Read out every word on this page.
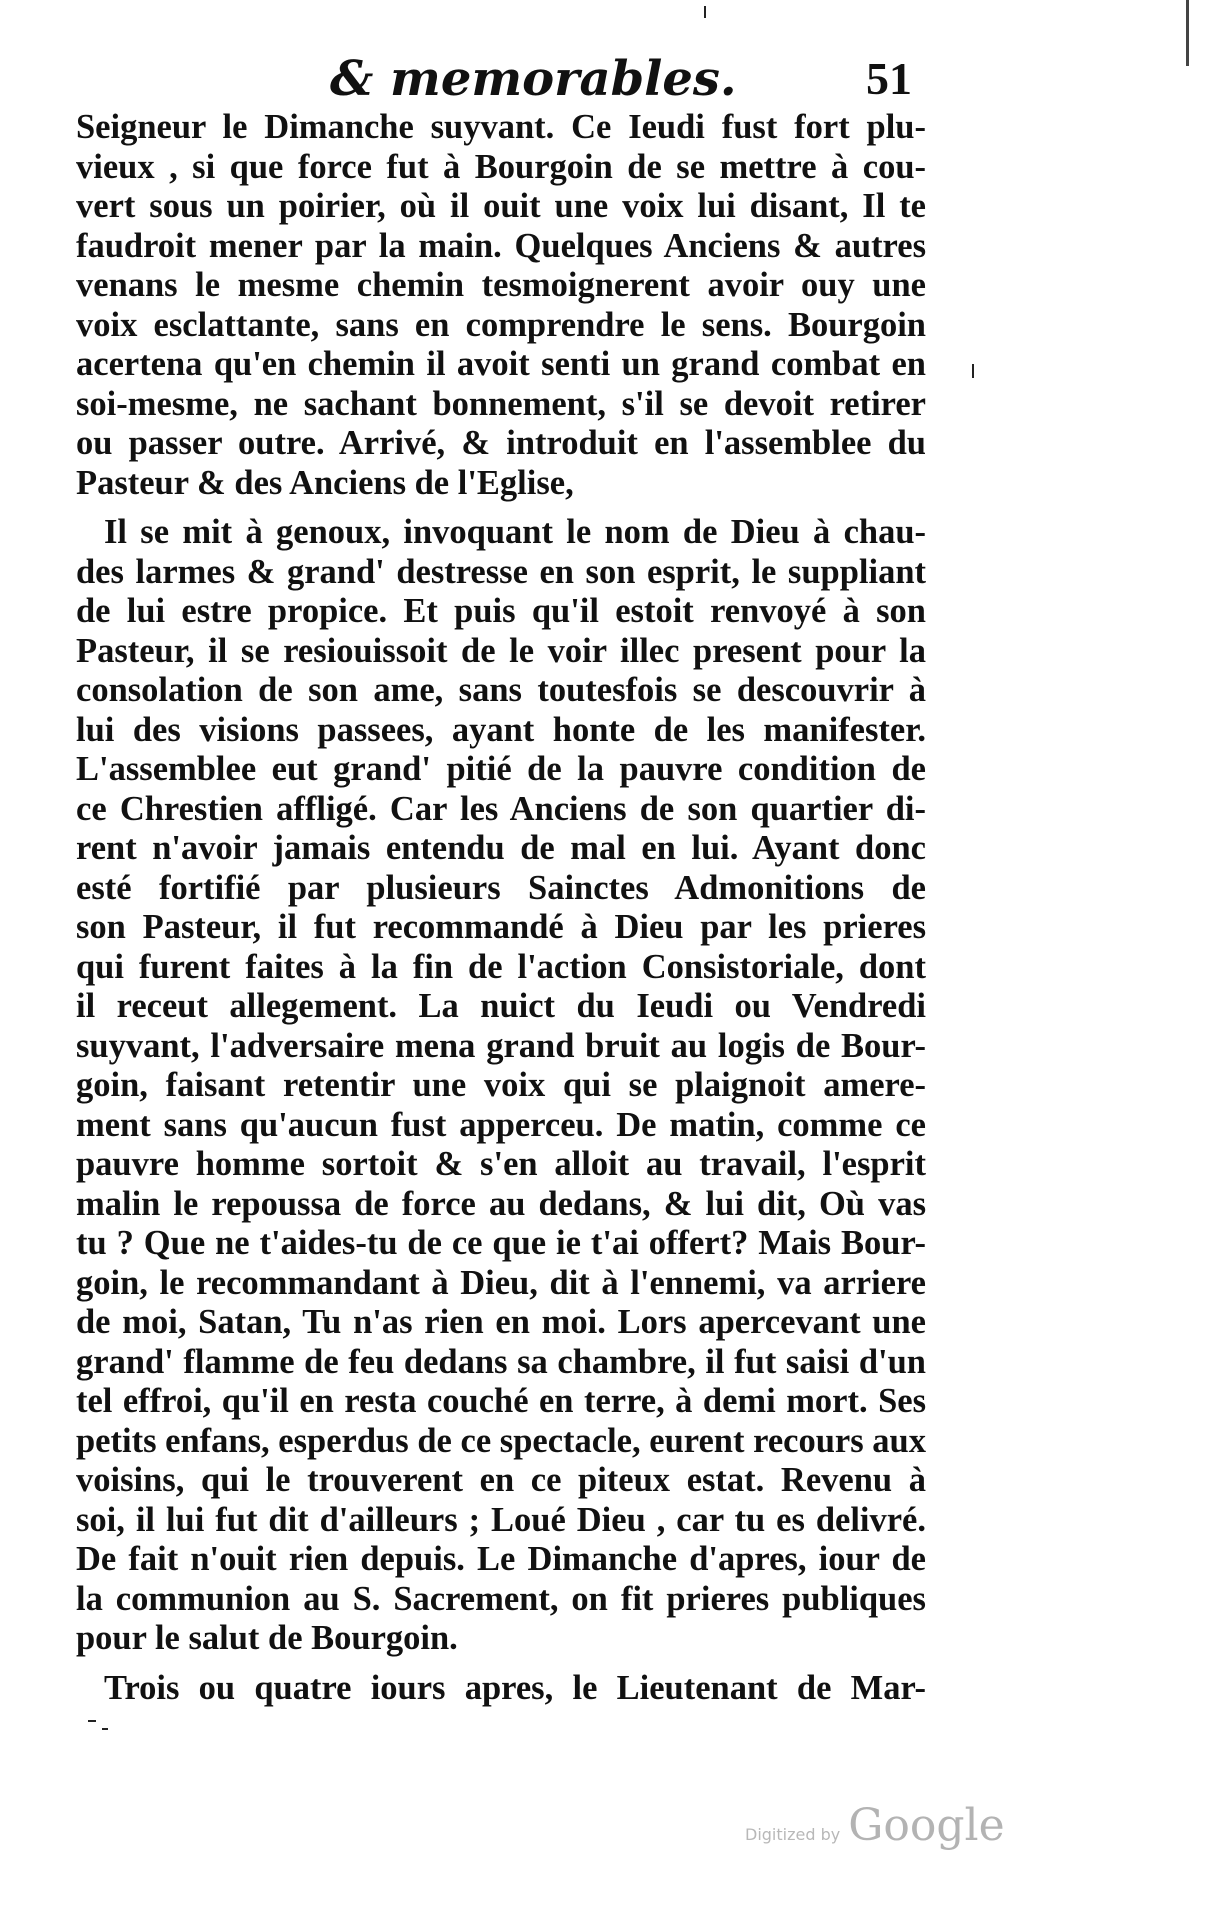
& memorables.	51
Seigneur le Dimanche suyvant. Ce Ieudi fust fort plu-
vieux , si que force fut à Bourgoin de se mettre à cou-
vert sous un poirier, où il ouit une voix lui disant, Il te
faudroit mener par la main. Quelques Anciens & autres
venans le mesme chemin tesmoignerent avoir ouy une
voix esclattante, sans en comprendre le sens. Bourgoin
acertena qu'en chemin il avoit senti un grand combat en
soi-mesme, ne sachant bonnement, s'il se devoit retirer
ou passer outre. Arrivé, & introduit en l'assemblee du
Pasteur & des Anciens de l'Eglise,
Il se mit à genoux, invoquant le nom de Dieu à chau-
des larmes & grand' destresse en son esprit, le suppliant
de lui estre propice. Et puis qu'il estoit renvoyé à son
Pasteur, il se resiouissoit de le voir illec present pour la
consolation de son ame, sans toutesfois se descouvrir à
lui des visions passees, ayant honte de les manifester.
L'assemblee eut grand' pitié de la pauvre condition de
ce Chrestien affligé. Car les Anciens de son quartier di-
rent n'avoir jamais entendu de mal en lui. Ayant donc
esté fortifié par plusieurs Sainctes Admonitions de
son Pasteur, il fut recommandé à Dieu par les prieres
qui furent faites à la fin de l'action Consistoriale, dont
il receut allegement. La nuict du Ieudi ou Vendredi
suyvant, l'adversaire mena grand bruit au logis de Bour-
goin, faisant retentir une voix qui se plaignoit amere-
ment sans qu'aucun fust apperceu. De matin, comme ce
pauvre homme sortoit & s'en alloit au travail, l'esprit
malin le repoussa de force au dedans, & lui dit, Où vas
tu ? Que ne t'aides-tu de ce que ie t'ai offert? Mais Bour-
goin, le recommandant à Dieu, dit à l'ennemi, va arriere
de moi, Satan, Tu n'as rien en moi. Lors apercevant une
grand' flamme de feu dedans sa chambre, il fut saisi d'un
tel effroi, qu'il en resta couché en terre, à demi mort. Ses
petits enfans, esperdus de ce spectacle, eurent recours aux
voisins, qui le trouverent en ce piteux estat. Revenu à
soi, il lui fut dit d'ailleurs ; Loué Dieu , car tu es delivré.
De fait n'ouit rien depuis. Le Dimanche d'apres, iour de
la communion au S. Sacrement, on fit prieres publiques
pour le salut de Bourgoin.
Trois ou quatre iours apres, le Lieutenant de Mar-
Digitized by Google
